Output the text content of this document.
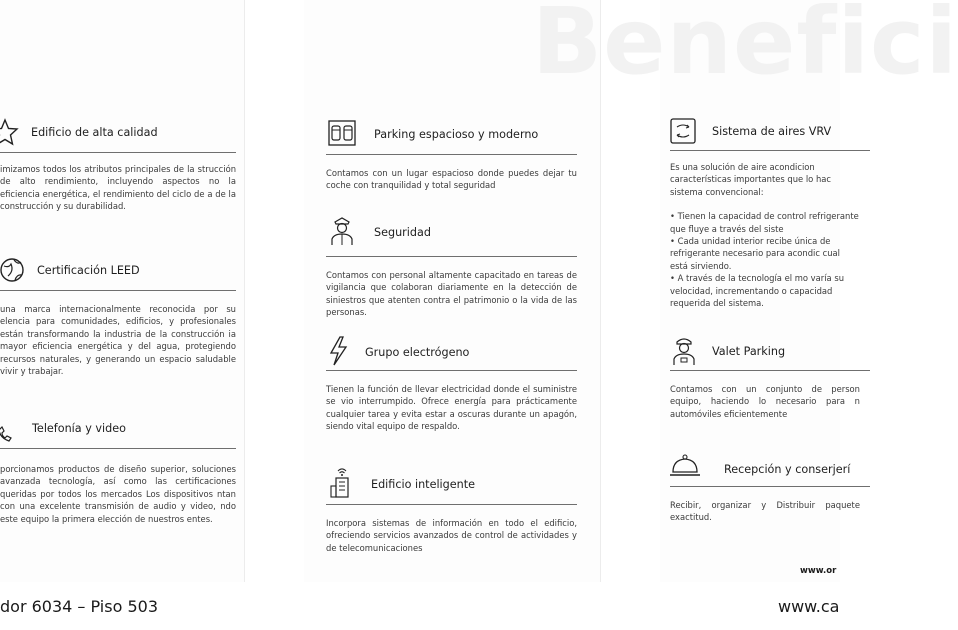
Benefici
Edificio de alta calidad
imizamos todos los atributos principales de la strucción de alto rendimiento, incluyendo aspectos no la eficiencia energética, el rendimiento del ciclo de a de la construcción y su durabilidad.
Certificación LEED
una marca internacionalmente reconocida por su elencia para comunidades, edificios, y profesionales están transformando la industria de la construcción ia mayor eficiencia energética y del agua, protegiendo recursos naturales, y generando un espacio saludable vivir y trabajar.
Telefonía y video
porcionamos productos de diseño superior, soluciones avanzada tecnología, así como las certificaciones queridas por todos los mercados Los dispositivos ntan con una excelente transmisión de audio y video, ndo este equipo la primera elección de nuestros entes.
Parking espacioso y moderno
Contamos con un lugar espacioso donde puedes dejar tu coche con tranquilidad y total seguridad
Seguridad
Contamos con personal altamente capacitado en tareas de vigilancia que colaboran diariamente en la detección de siniestros que atenten contra el patrimonio o la vida de las personas.
Grupo electrógeno
Tienen la función de llevar electricidad donde el suministre se vio interrumpido. Ofrece energía para prácticamente cualquier tarea y evita estar a oscuras durante un apagón, siendo vital equipo de respaldo.
Edificio inteligente
Incorpora sistemas de información en todo el edificio, ofreciendo servicios avanzados de control de actividades y de telecomunicaciones
Sistema de aires VRV

Es una solución de aire acondicion características importantes que lo hac sistema convencional:

• Tienen la capacidad de control refrigerante que fluye a través del siste
• Cada unidad interior recibe única de refrigerante necesario para acondic cual está sirviendo.
• A través de la tecnología el mo varía su velocidad, incrementando o capacidad requerida del sistema.
Valet Parking
Contamos con un conjunto de person equipo, haciendo lo necesario para n automóviles eficientemente
Recepción y conserjerí
Recibir, organizar y Distribuir paquete exactitud.
www.or
dor 6034 – Piso 503	www.ca
